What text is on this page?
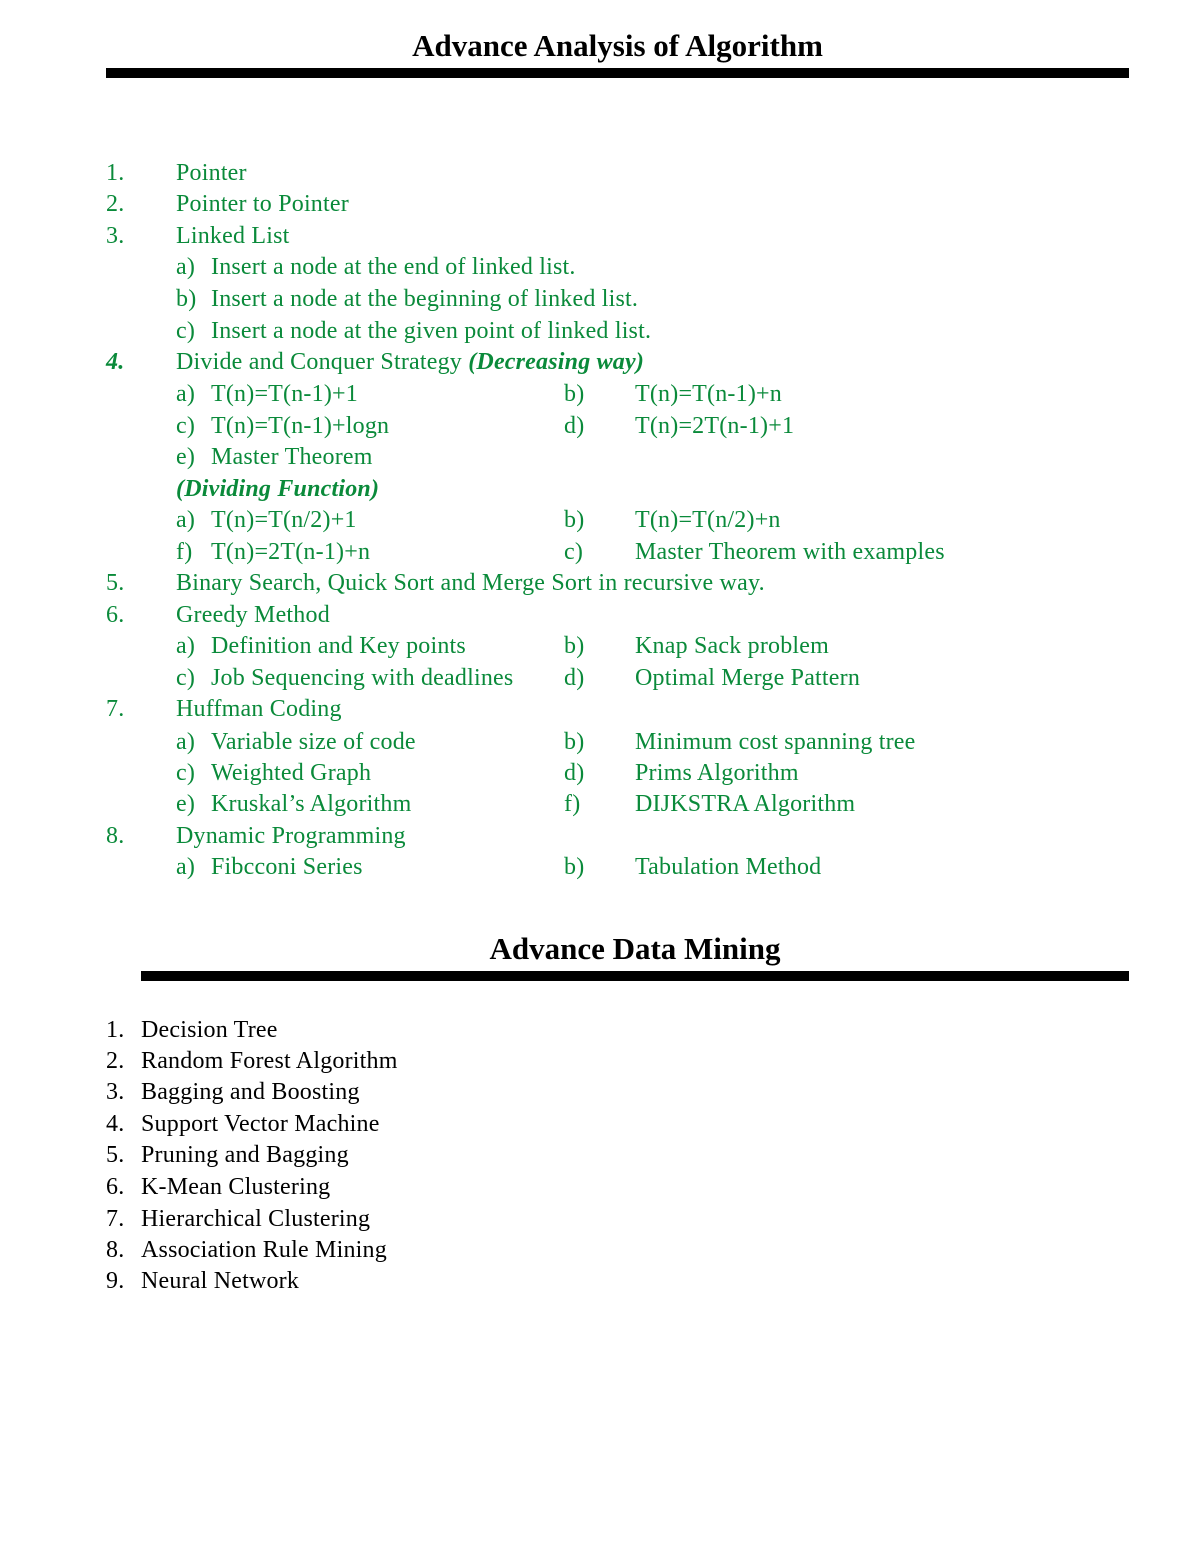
Advance Analysis of Algorithm
1. Pointer
2. Pointer to Pointer
3. Linked List
a) Insert a node at the end of linked list.
b) Insert a node at the beginning of linked list.
c) Insert a node at the given point of linked list.
4. Divide and Conquer Strategy (Decreasing way)
a) T(n)=T(n-1)+1	b) T(n)=T(n-1)+n
c) T(n)=T(n-1)+logn	d) T(n)=2T(n-1)+1
e) Master Theorem
(Dividing Function)
a) T(n)=T(n/2)+1	b) T(n)=T(n/2)+n
f) T(n)=2T(n-1)+n	c) Master Theorem with examples
5. Binary Search, Quick Sort and Merge Sort in recursive way.
6. Greedy Method
a) Definition and Key points	b) Knap Sack problem
c) Job Sequencing with deadlines d) Optimal Merge Pattern
7. Huffman Coding
a) Variable size of code	b) Minimum cost spanning tree
c) Weighted Graph	d) Prims Algorithm
e) Kruskal’s Algorithm	f) DIJKSTRA Algorithm
8. Dynamic Programming
a) Fibcconi Series	b) Tabulation Method
Advance Data Mining
1. Decision Tree
2. Random Forest Algorithm
3. Bagging and Boosting
4. Support Vector Machine
5. Pruning and Bagging
6. K-Mean Clustering
7. Hierarchical Clustering
8. Association Rule Mining
9. Neural Network
